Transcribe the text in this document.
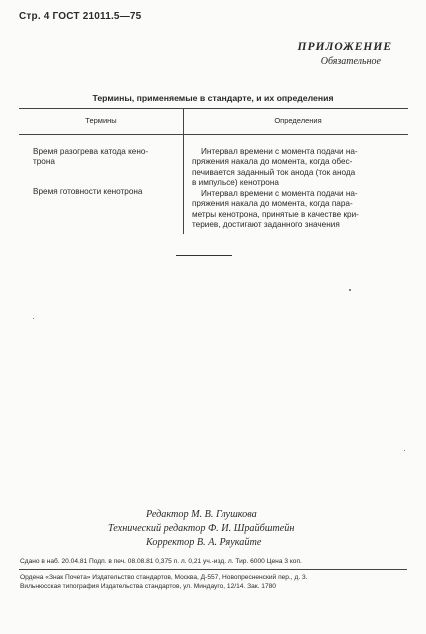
Стр. 4 ГОСТ 21011.5—75
ПРИЛОЖЕНИЕ
Обязательное
Термины, применяемые в стандарте, и их определения
Термины	Определения
Время разогрева катода кено-
трона
Интервал времени с момента подачи на-
пряжения накала до момента, когда обес-
печивается заданный ток анода (ток анода
в импульсе) кенотрона
Время готовности кенотрона	Интервал времени с момента подачи на-
пряжения накала до момента, когда пара-
метры кенотрона, принятые в качестве кри-
териев, достигают заданного значения
Редактор М. В. Глушкова
Технический редактор Ф. И. Шрайбштейн
Корректор В. А. Ряукайте
Сдано в наб. 20.04.81 Подп. в печ. 08.08.81 0,375 п. л. 0,21 уч.-изд. л. Тир. 6000 Цена 3 коп.
Ордена «Знак Почета» Издательство стандартов, Москва, Д-557, Новопресненский пер., д. 3.
Вильнюсская типография Издательства стандартов, ул. Миндауго, 12/14. Зак. 1780
